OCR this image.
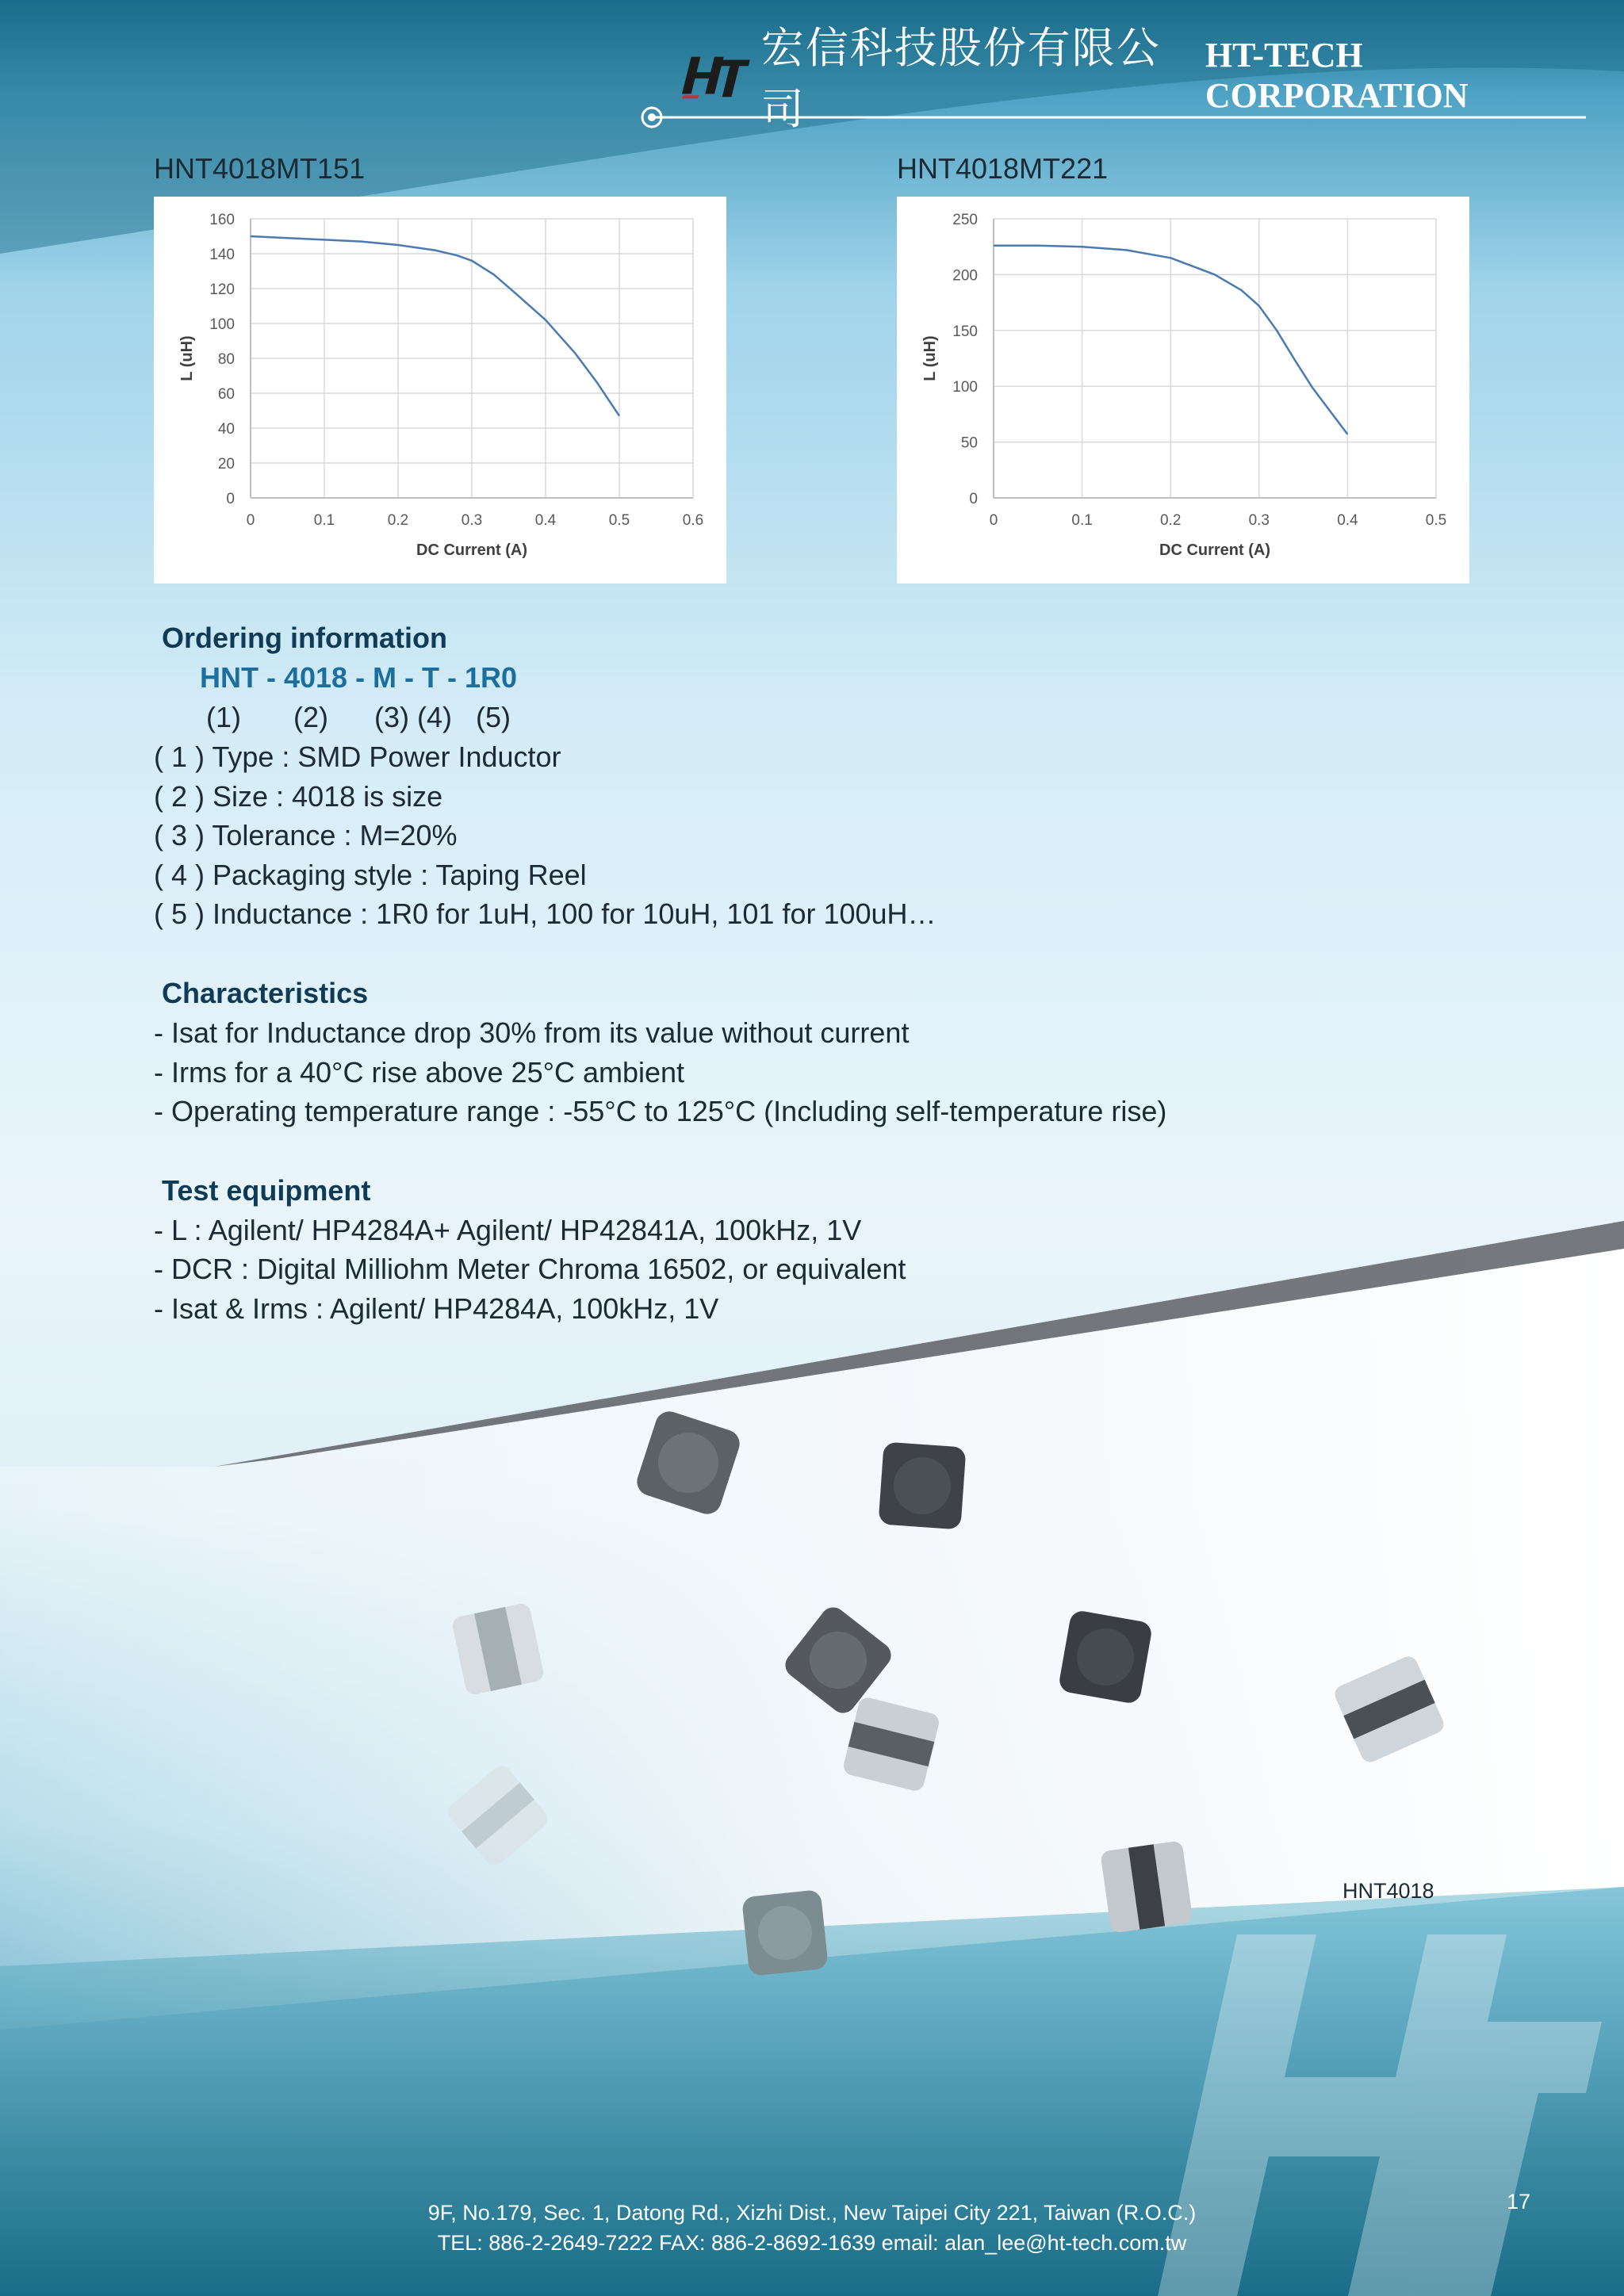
宏信科技股份有限公司
HT-TECH CORPORATION
HNT4018MT151
0	0.1	0.2	0.3	0.4	0.5	0.6
0
20
40
60
80
100
120
140
160
DC Current (A)
L (uH)
HNT4018MT221
0	0.1	0.2	0.3	0.4	0.5
0
50
100
150
200
250
DC Current (A)
L (uH)
Ordering information
HNT - 4018 - M - T - 1R0
(1)	(2)	(3) (4) (5)
( 1 ) Type : SMD Power Inductor
( 2 ) Size : 4018 is size
( 3 ) Tolerance : M=20%
( 4 ) Packaging style : Taping Reel
( 5 ) Inductance : 1R0 for 1uH, 100 for 10uH, 101 for 100uH…
Characteristics
- Isat for Inductance drop 30% from its value without current
- Irms for a 40°C rise above 25°C ambient
- Operating temperature range : -55°C to 125°C (Including self-temperature rise)
Test equipment
- L : Agilent/ HP4284A+ Agilent/ HP42841A, 100kHz, 1V
- DCR : Digital Milliohm Meter Chroma 16502, or equivalent
- Isat & Irms : Agilent/ HP4284A, 100kHz, 1V
HNT4018
9F, No.179, Sec. 1, Datong Rd., Xizhi Dist., New Taipei City 221, Taiwan (R.O.C.)
TEL: 886-2-2649-7222 FAX: 886-2-8692-1639 email: alan_lee@ht-tech.com.tw
17
